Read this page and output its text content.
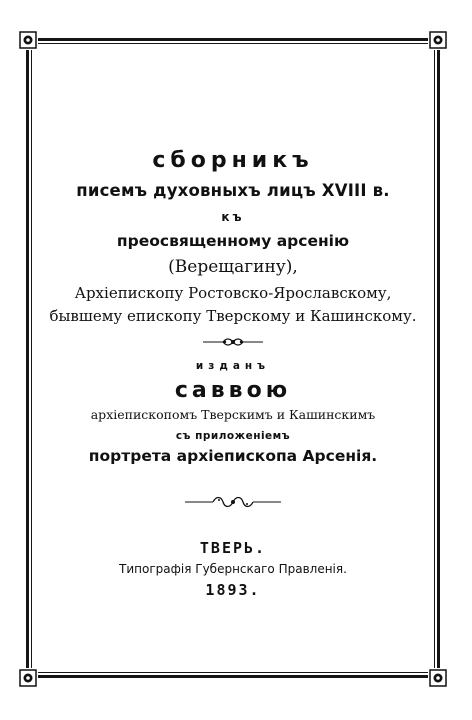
сборникъ
писемъ духовныхъ лицъ XVIII в.
къ
преосвященному арсенію
(Верещагину),
Архіепископу Ростовско-Ярославскому,
бывшему епископу Тверскому и Кашинскому.
изданъ
саввою
архіепископомъ Тверскимъ и Кашинскимъ
съ приложеніемъ
портрета архіепископа Арсенія.
ТВЕРЬ.
Типографія Губернскаго Правленія.
1893.
